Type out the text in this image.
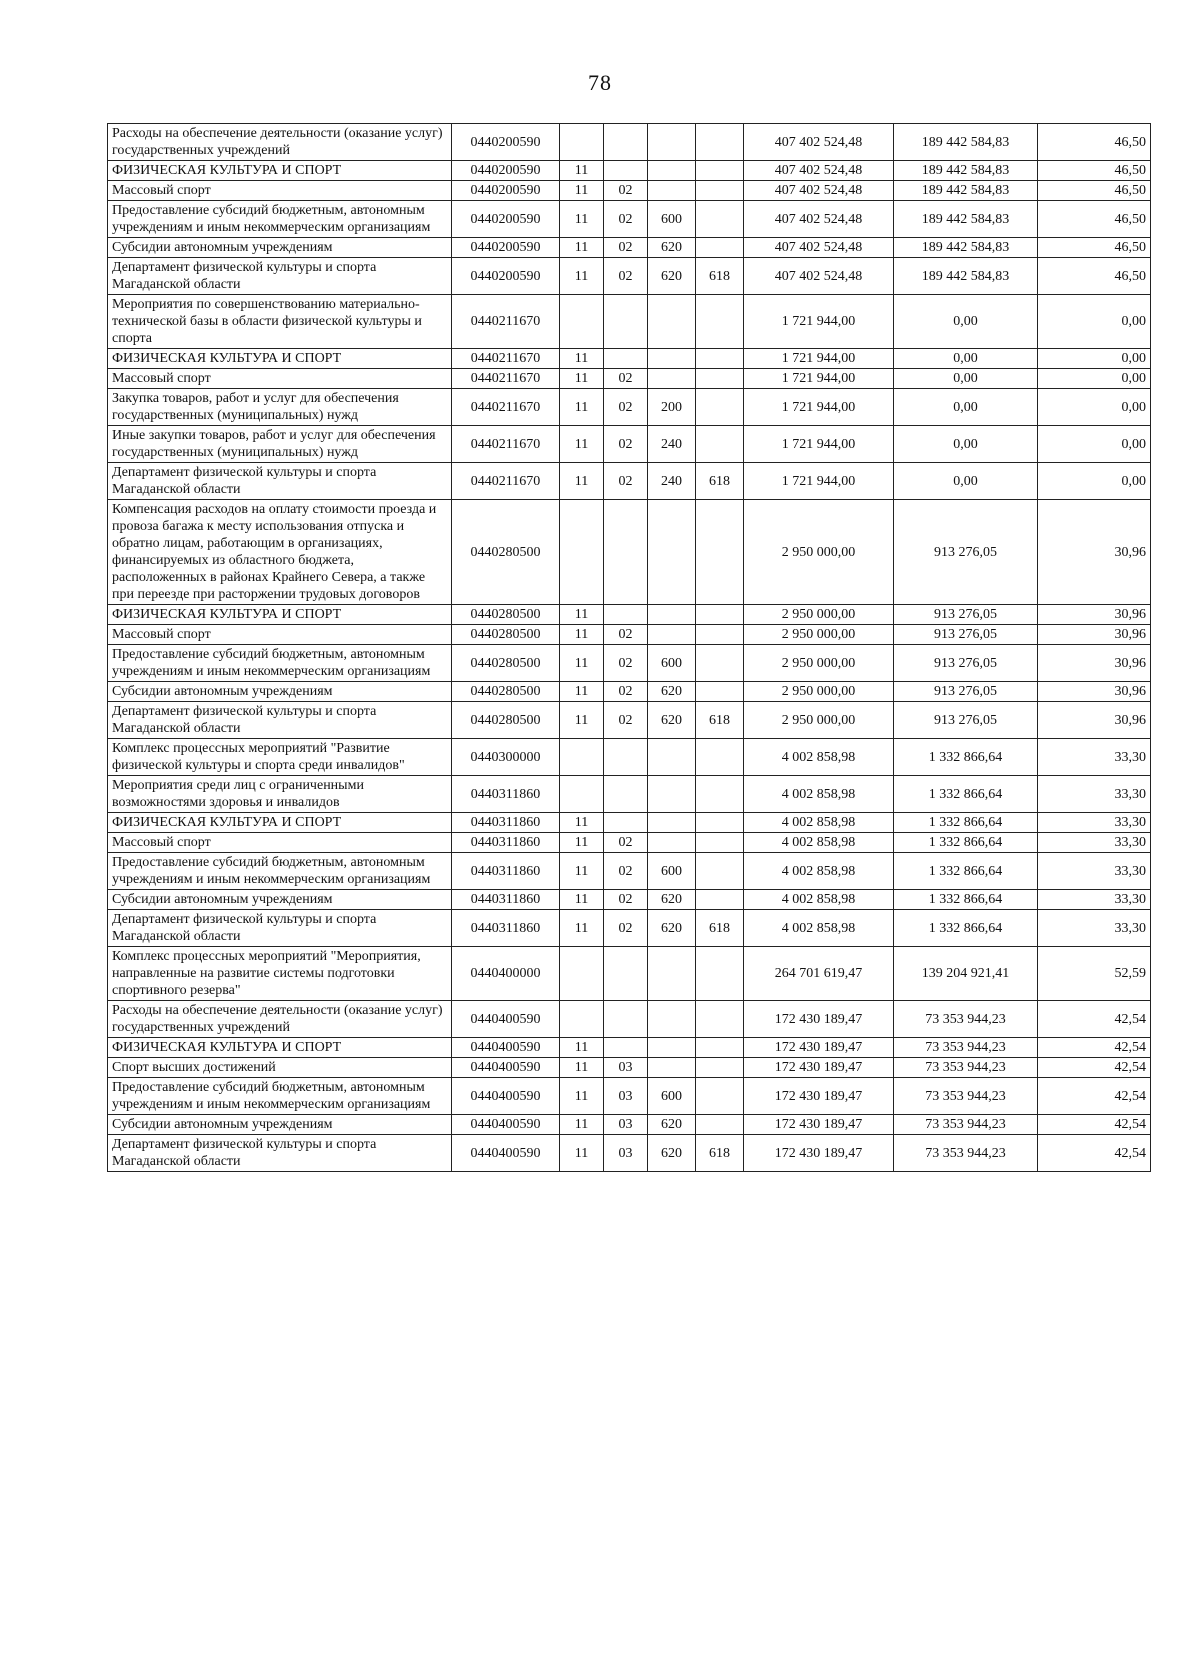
78
Расходы на обеспечение деятельности (оказание услуг) государственных учреждений	0440200590					407 402 524,48	189 442 584,83	46,50
ФИЗИЧЕСКАЯ КУЛЬТУРА И СПОРТ	0440200590	11				407 402 524,48	189 442 584,83	46,50
Массовый спорт	0440200590	11	02			407 402 524,48	189 442 584,83	46,50
Предоставление субсидий бюджетным, автономным учреждениям и иным некоммерческим организациям	0440200590	11	02	600		407 402 524,48	189 442 584,83	46,50
Субсидии автономным учреждениям	0440200590	11	02	620		407 402 524,48	189 442 584,83	46,50
Департамент физической культуры и спорта Магаданской области	0440200590	11	02	620	618	407 402 524,48	189 442 584,83	46,50
Мероприятия по совершенствованию материально-технической базы в области физической культуры и спорта	0440211670					1 721 944,00	0,00	0,00
ФИЗИЧЕСКАЯ КУЛЬТУРА И СПОРТ	0440211670	11				1 721 944,00	0,00	0,00
Массовый спорт	0440211670	11	02			1 721 944,00	0,00	0,00
Закупка товаров, работ и услуг для обеспечения государственных (муниципальных) нужд	0440211670	11	02	200		1 721 944,00	0,00	0,00
Иные закупки товаров, работ и услуг для обеспечения государственных (муниципальных) нужд	0440211670	11	02	240		1 721 944,00	0,00	0,00
Департамент физической культуры и спорта Магаданской области	0440211670	11	02	240	618	1 721 944,00	0,00	0,00
Компенсация расходов на оплату стоимости проезда и провоза багажа к месту использования отпуска и обратно лицам, работающим в организациях, финансируемых из областного бюджета, расположенных в районах Крайнего Севера, а также при переезде при расторжении трудовых договоров	0440280500					2 950 000,00	913 276,05	30,96
ФИЗИЧЕСКАЯ КУЛЬТУРА И СПОРТ	0440280500	11				2 950 000,00	913 276,05	30,96
Массовый спорт	0440280500	11	02			2 950 000,00	913 276,05	30,96
Предоставление субсидий бюджетным, автономным учреждениям и иным некоммерческим организациям	0440280500	11	02	600		2 950 000,00	913 276,05	30,96
Субсидии автономным учреждениям	0440280500	11	02	620		2 950 000,00	913 276,05	30,96
Департамент физической культуры и спорта Магаданской области	0440280500	11	02	620	618	2 950 000,00	913 276,05	30,96
Комплекс процессных мероприятий "Развитие физической культуры и спорта среди инвалидов"	0440300000					4 002 858,98	1 332 866,64	33,30
Мероприятия среди лиц с ограниченными возможностями здоровья и инвалидов	0440311860					4 002 858,98	1 332 866,64	33,30
ФИЗИЧЕСКАЯ КУЛЬТУРА И СПОРТ	0440311860	11				4 002 858,98	1 332 866,64	33,30
Массовый спорт	0440311860	11	02			4 002 858,98	1 332 866,64	33,30
Предоставление субсидий бюджетным, автономным учреждениям и иным некоммерческим организациям	0440311860	11	02	600		4 002 858,98	1 332 866,64	33,30
Субсидии автономным учреждениям	0440311860	11	02	620		4 002 858,98	1 332 866,64	33,30
Департамент физической культуры и спорта Магаданской области	0440311860	11	02	620	618	4 002 858,98	1 332 866,64	33,30
Комплекс процессных мероприятий "Мероприятия, направленные на развитие системы подготовки спортивного резерва"	0440400000					264 701 619,47	139 204 921,41	52,59
Расходы на обеспечение деятельности (оказание услуг) государственных учреждений	0440400590					172 430 189,47	73 353 944,23	42,54
ФИЗИЧЕСКАЯ КУЛЬТУРА И СПОРТ	0440400590	11				172 430 189,47	73 353 944,23	42,54
Спорт высших достижений	0440400590	11	03			172 430 189,47	73 353 944,23	42,54
Предоставление субсидий бюджетным, автономным учреждениям и иным некоммерческим организациям	0440400590	11	03	600		172 430 189,47	73 353 944,23	42,54
Субсидии автономным учреждениям	0440400590	11	03	620		172 430 189,47	73 353 944,23	42,54
Департамент физической культуры и спорта Магаданской области	0440400590	11	03	620	618	172 430 189,47	73 353 944,23	42,54
